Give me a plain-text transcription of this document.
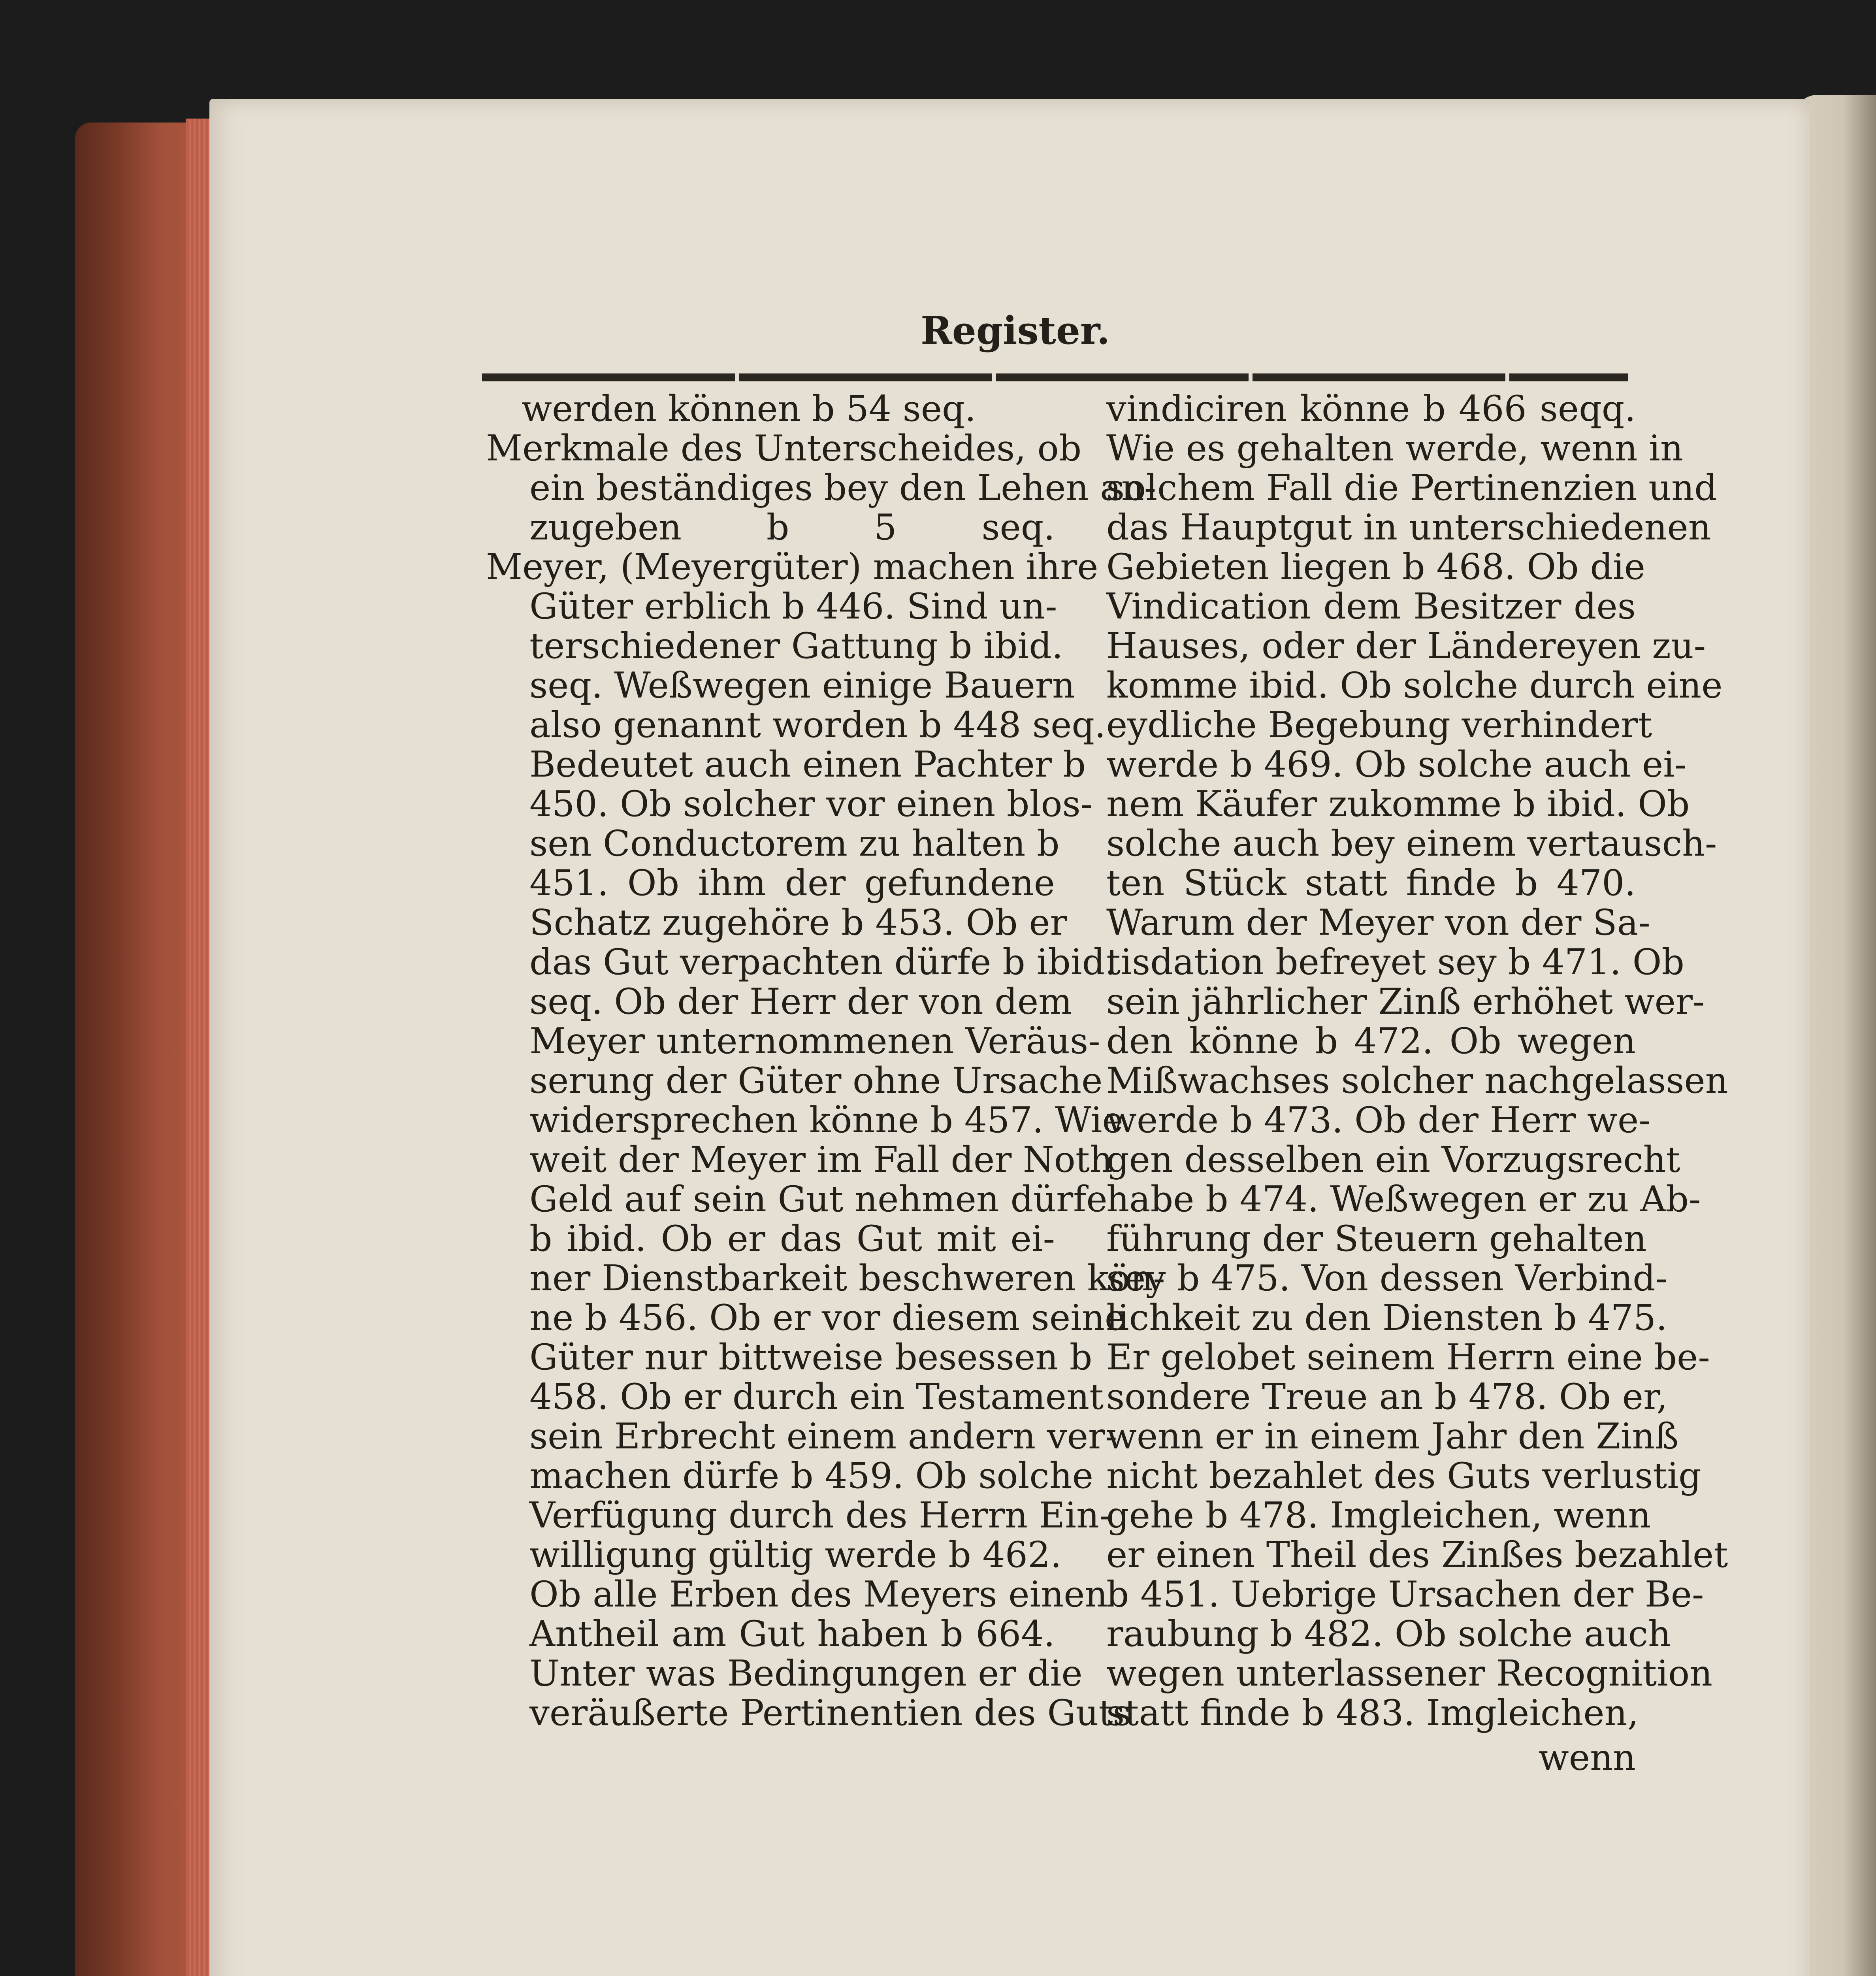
Register.
werden können b 54 seq.
Merkmale des Unterscheides, ob
ein beständiges bey den Lehen an-
zugeben b 5 seq.
Meyer, (Meyergüter) machen ihre
Güter erblich b 446. Sind un-
terschiedener Gattung b ibid.
seq. Weßwegen einige Bauern
also genannt worden b 448 seq.
Bedeutet auch einen Pachter b
450. Ob solcher vor einen blos-
sen Conductorem zu halten b
451. Ob ihm der gefundene
Schatz zugehöre b 453. Ob er
das Gut verpachten dürfe b ibid.
seq. Ob der Herr der von dem
Meyer unternommenen Veräus-
serung der Güter ohne Ursache
widersprechen könne b 457. Wie
weit der Meyer im Fall der Noth
Geld auf sein Gut nehmen dürfe
b ibid. Ob er das Gut mit ei-
ner Dienstbarkeit beschweren kön-
ne b 456. Ob er vor diesem seine
Güter nur bittweise besessen b
458. Ob er durch ein Testament
sein Erbrecht einem andern ver-
machen dürfe b 459. Ob solche
Verfügung durch des Herrn Ein-
willigung gültig werde b 462.
Ob alle Erben des Meyers einen
Antheil am Gut haben b 664.
Unter was Bedingungen er die
veräußerte Pertinentien des Guts
vindiciren könne b 466 seqq.
Wie es gehalten werde, wenn in
solchem Fall die Pertinenzien und
das Hauptgut in unterschiedenen
Gebieten liegen b 468. Ob die
Vindication dem Besitzer des
Hauses, oder der Ländereyen zu-
komme ibid. Ob solche durch eine
eydliche Begebung verhindert
werde b 469. Ob solche auch ei-
nem Käufer zukomme b ibid. Ob
solche auch bey einem vertausch-
ten Stück statt finde b 470.
Warum der Meyer von der Sa-
tisdation befreyet sey b 471. Ob
sein jährlicher Zinß erhöhet wer-
den könne b 472. Ob wegen
Mißwachses solcher nachgelassen
werde b 473. Ob der Herr we-
gen desselben ein Vorzugsrecht
habe b 474. Weßwegen er zu Ab-
führung der Steuern gehalten
sey b 475. Von dessen Verbind-
lichkeit zu den Diensten b 475.
Er gelobet seinem Herrn eine be-
sondere Treue an b 478. Ob er,
wenn er in einem Jahr den Zinß
nicht bezahlet des Guts verlustig
gehe b 478. Imgleichen, wenn
er einen Theil des Zinßes bezahlet
b 451. Uebrige Ursachen der Be-
raubung b 482. Ob solche auch
wegen unterlassener Recognition
statt finde b 483. Imgleichen,
wenn
